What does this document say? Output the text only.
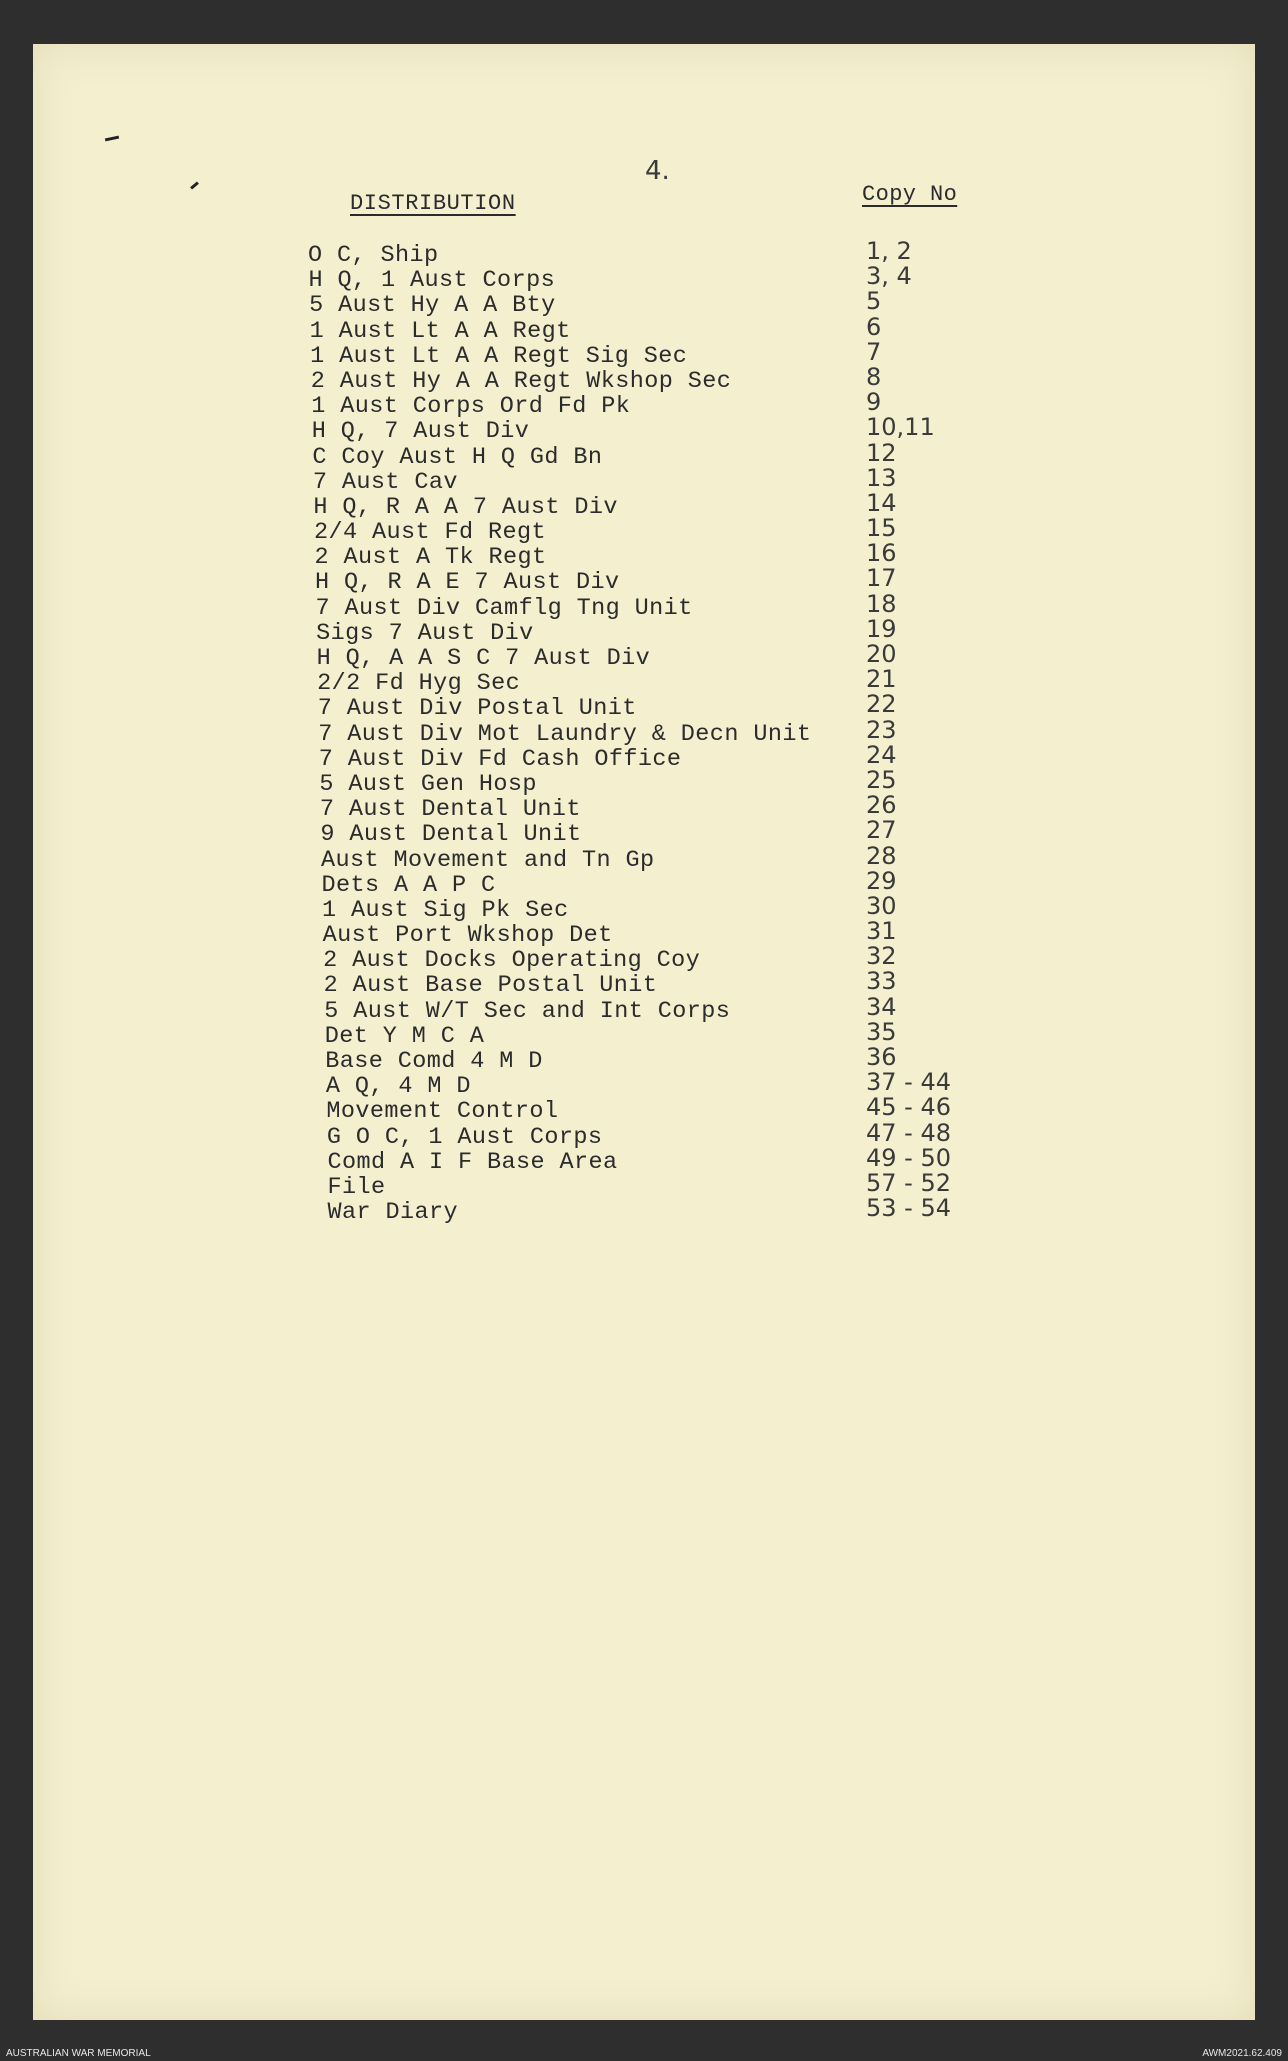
4.
DISTRIBUTION	Copy No
O C, Ship	1, 2
H Q, 1 Aust Corps	3, 4
5 Aust Hy A A Bty	5
1 Aust Lt A A Regt	6
1 Aust Lt A A Regt Sig Sec	7
2 Aust Hy A A Regt Wkshop Sec	8
1 Aust Corps Ord Fd Pk	9
H Q, 7 Aust Div	10,11
C Coy Aust H Q Gd Bn	12
7 Aust Cav	13
H Q, R A A 7 Aust Div	14
2/4 Aust Fd Regt	15
2 Aust A Tk Regt	16
H Q, R A E 7 Aust Div	17
7 Aust Div Camflg Tng Unit	18
Sigs 7 Aust Div	19
H Q, A A S C 7 Aust Div	20
2/2 Fd Hyg Sec	21
7 Aust Div Postal Unit	22
7 Aust Div Mot Laundry & Decn Unit 23
7 Aust Div Fd Cash Office	24
5 Aust Gen Hosp	25
7 Aust Dental Unit	26
9 Aust Dental Unit	27
Aust Movement and Tn Gp	28
Dets A A P C	29
1 Aust Sig Pk Sec	30
Aust Port Wkshop Det	31
2 Aust Docks Operating Coy	32
2 Aust Base Postal Unit	33
5 Aust W/T Sec and Int Corps	34
Det Y M C A	35
Base Comd 4 M D	36
A Q, 4 M D	37 - 44
Movement Control	45 - 46
G O C, 1 Aust Corps	47 - 48
Comd A I F Base Area	49 - 50
File	57 - 52
War Diary	53 - 54
AUSTRALIAN WAR MEMORIAL	AWM2021.62.409
